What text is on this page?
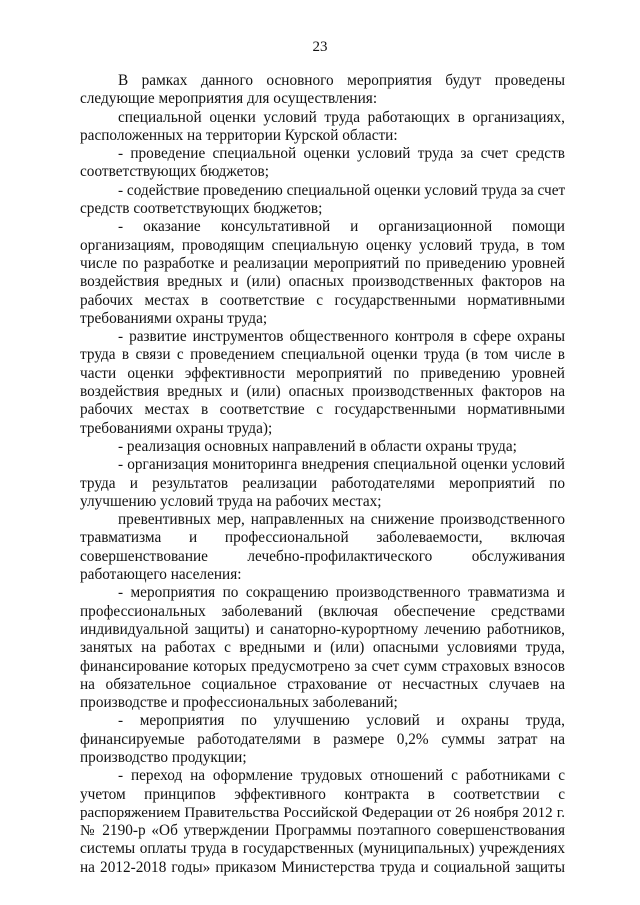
23
В рамках данного основного мероприятия будут проведены
следующие мероприятия для осуществления:
специальной оценки условий труда работающих в организациях,
расположенных на территории Курской области:
- проведение специальной оценки условий труда за счет средств
соответствующих бюджетов;
- содействие проведению специальной оценки условий труда за счет
средств соответствующих бюджетов;
- оказание консультативной и организационной помощи
организациям, проводящим специальную оценку условий труда, в том
числе по разработке и реализации мероприятий по приведению уровней
воздействия вредных и (или) опасных производственных факторов на
рабочих местах в соответствие с государственными нормативными
требованиями охраны труда;
- развитие инструментов общественного контроля в сфере охраны
труда в связи с проведением специальной оценки труда (в том числе в
части оценки эффективности мероприятий по приведению уровней
воздействия вредных и (или) опасных производственных факторов на
рабочих местах в соответствие с государственными нормативными
требованиями охраны труда);
- реализация основных направлений в области охраны труда;
- организация мониторинга внедрения специальной оценки условий
труда и результатов реализации работодателями мероприятий по
улучшению условий труда на рабочих местах;
превентивных мер, направленных на снижение производственного
травматизма и профессиональной заболеваемости, включая
совершенствование лечебно-профилактического обслуживания
работающего населения:
- мероприятия по сокращению производственного травматизма и
профессиональных заболеваний (включая обеспечение средствами
индивидуальной защиты) и санаторно-курортному лечению работников,
занятых на работах с вредными и (или) опасными условиями труда,
финансирование которых предусмотрено за счет сумм страховых взносов
на обязательное социальное страхование от несчастных случаев на
производстве и профессиональных заболеваний;
- мероприятия по улучшению условий и охраны труда,
финансируемые работодателями в размере 0,2% суммы затрат на
производство продукции;
- переход на оформление трудовых отношений с работниками с
учетом принципов эффективного контракта в соответствии с
распоряжением Правительства Российской Федерации от 26 ноября 2012 г.
№ 2190-р «Об утверждении Программы поэтапного совершенствования
системы оплаты труда в государственных (муниципальных) учреждениях
на 2012-2018 годы» приказом Министерства труда и социальной защиты
